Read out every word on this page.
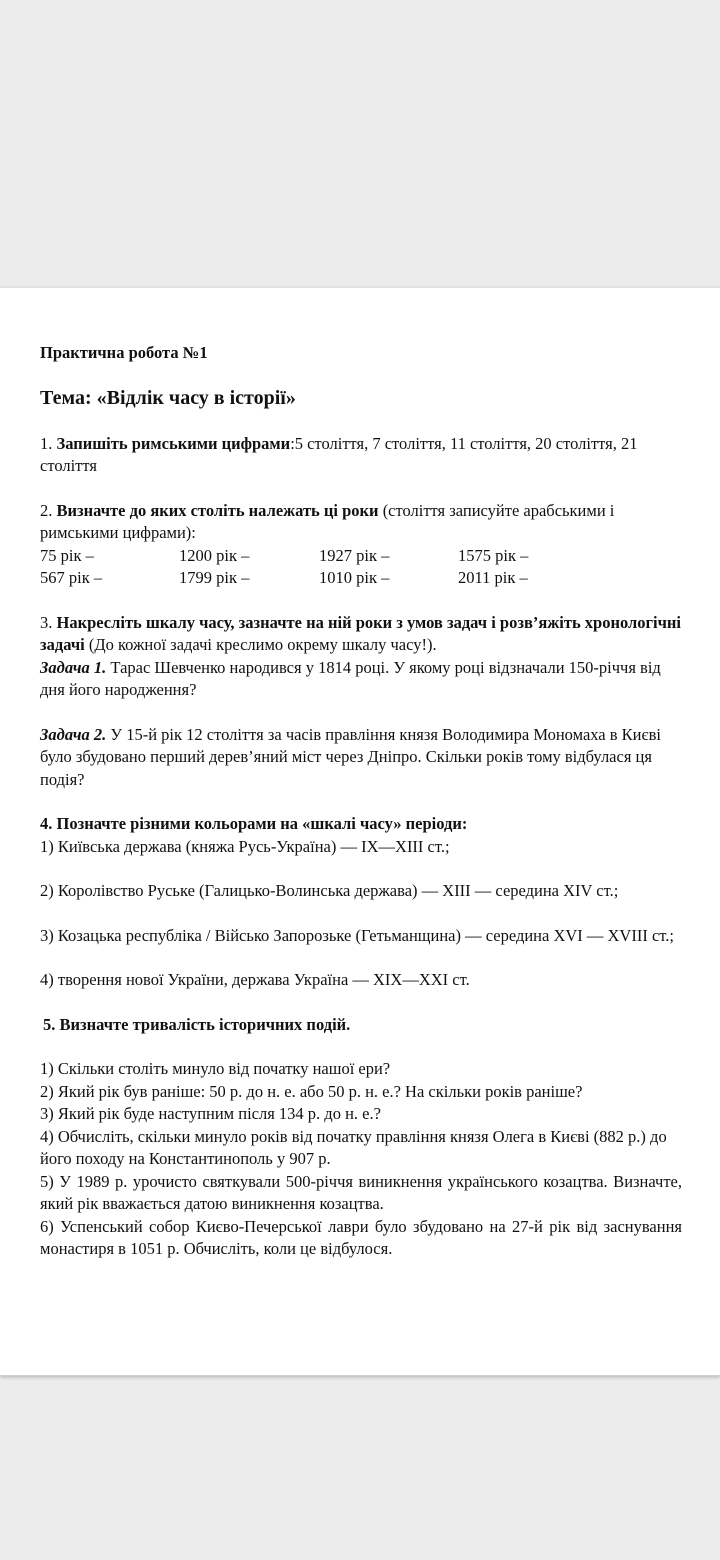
Практична робота №1

Тема: «Відлік часу в історії»

1. Запишіть римськими цифрами:5 століття, 7 століття, 11 століття, 20 століття, 21 століття

2. Визначте до яких століть належать ці роки (століття записуйте арабськими і римськими цифрами):

75 рік –	1200 рік –	1927 рік –	1575 рік –
567 рік –	1799 рік –	1010 рік –	2011 рік –

3. Накресліть шкалу часу, зазначте на ній роки з умов задач і розв’яжіть хронологічні задачі (До кожної задачі креслимо окрему шкалу часу!).

Задача 1. Тарас Шевченко народився у 1814 році. У якому році відзначали 150-річчя від дня його народження?

Задача 2. У 15-й рік 12 століття за часів правління князя Володимира Мономаха в Києві було збудовано перший дерев’яний міст через Дніпро. Скільки років тому відбулася ця подія?

4. Позначте різними кольорами на «шкалі часу» періоди:

1) Київська держава (княжа Русь-Україна) — IX—XIII ст.;

2) Королівство Руське (Галицько-Волинська держава) — XIII — середина XIV ст.;

3) Козацька республіка / Військо Запорозьке (Гетьманщина) — середина XVI — XVIII ст.;

4) творення нової України, держава Україна — XIX—XXI ст.

5. Визначте тривалість історичних подій.

1) Скільки століть минуло від початку нашої ери?

2) Який рік був раніше: 50 р. до н. е. або 50 р. н. е.? На скільки років раніше?

3) Який рік буде наступним після 134 р. до н. е.?

4) Обчисліть, скільки минуло років від початку правління князя Олега в Києві (882 р.) до його походу на Константинополь у 907 р.

5) У 1989 р. урочисто святкували 500-річчя виникнення українського козацтва. Визначте, який рік вважається датою виникнення козацтва.

6) Успенський собор Києво-Печерської лаври було збудовано на 27-й рік від заснування монастиря в 1051 р. Обчисліть, коли це відбулося.
